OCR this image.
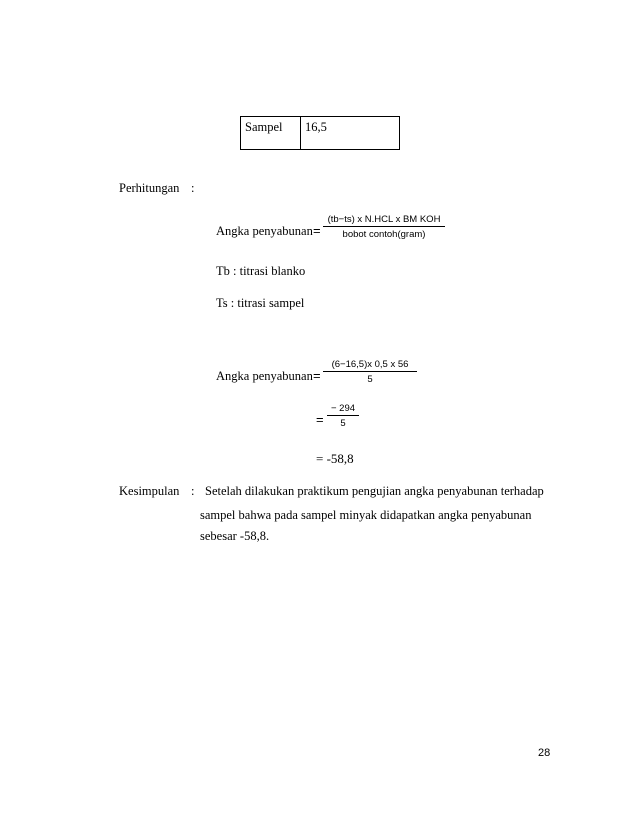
Sampel	16,5
Perhitungan :
Angka penyabunan =
(tb−ts) x N.HCL x BM KOH
bobot contoh(gram)
Tb : titrasi blanko
Ts : titrasi sampel
Angka penyabunan = $\frac{(6-16,5)x 0,5 x 56}{5}$
= $\frac{- 294}{5}$
= -58,8
Kesimpulan : Setelah dilakukan praktikum pengujian angka penyabunan terhadap
sampel bahwa pada sampel minyak didapatkan angka penyabunan
sebesar -58,8.
28
